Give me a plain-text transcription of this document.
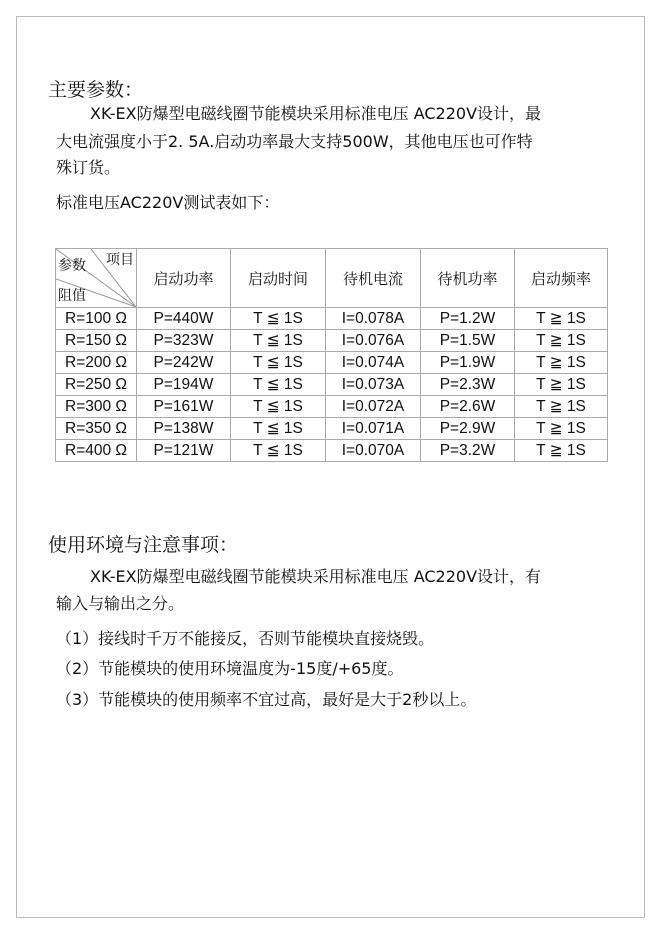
主要参数：
XK-EX防爆型电磁线圈节能模块采用标准电压 AC220V设计，最
大电流强度小于2. 5A.启动功率最大支持500W，其他电压也可作特
殊订货。
标准电压AC220V测试表如下：
参数 项目
阻值	启动功率	启动时间	待机电流	待机功率	启动频率
R=100 Ω	P=440W	T ≦ 1S	I=0.078A	P=1.2W	T ≧ 1S
R=150 Ω	P=323W	T ≦ 1S	I=0.076A	P=1.5W	T ≧ 1S
R=200 Ω	P=242W	T ≦ 1S	I=0.074A	P=1.9W	T ≧ 1S
R=250 Ω	P=194W	T ≦ 1S	I=0.073A	P=2.3W	T ≧ 1S
R=300 Ω	P=161W	T ≦ 1S	I=0.072A	P=2.6W	T ≧ 1S
R=350 Ω	P=138W	T ≦ 1S	I=0.071A	P=2.9W	T ≧ 1S
R=400 Ω	P=121W	T ≦ 1S	I=0.070A	P=3.2W	T ≧ 1S
使用环境与注意事项：
XK-EX防爆型电磁线圈节能模块采用标准电压 AC220V设计，有
输入与输出之分。
（1）接线时千万不能接反，否则节能模块直接烧毁。
（2）节能模块的使用环境温度为-15度/+65度。
（3）节能模块的使用频率不宜过高，最好是大于2秒以上。
